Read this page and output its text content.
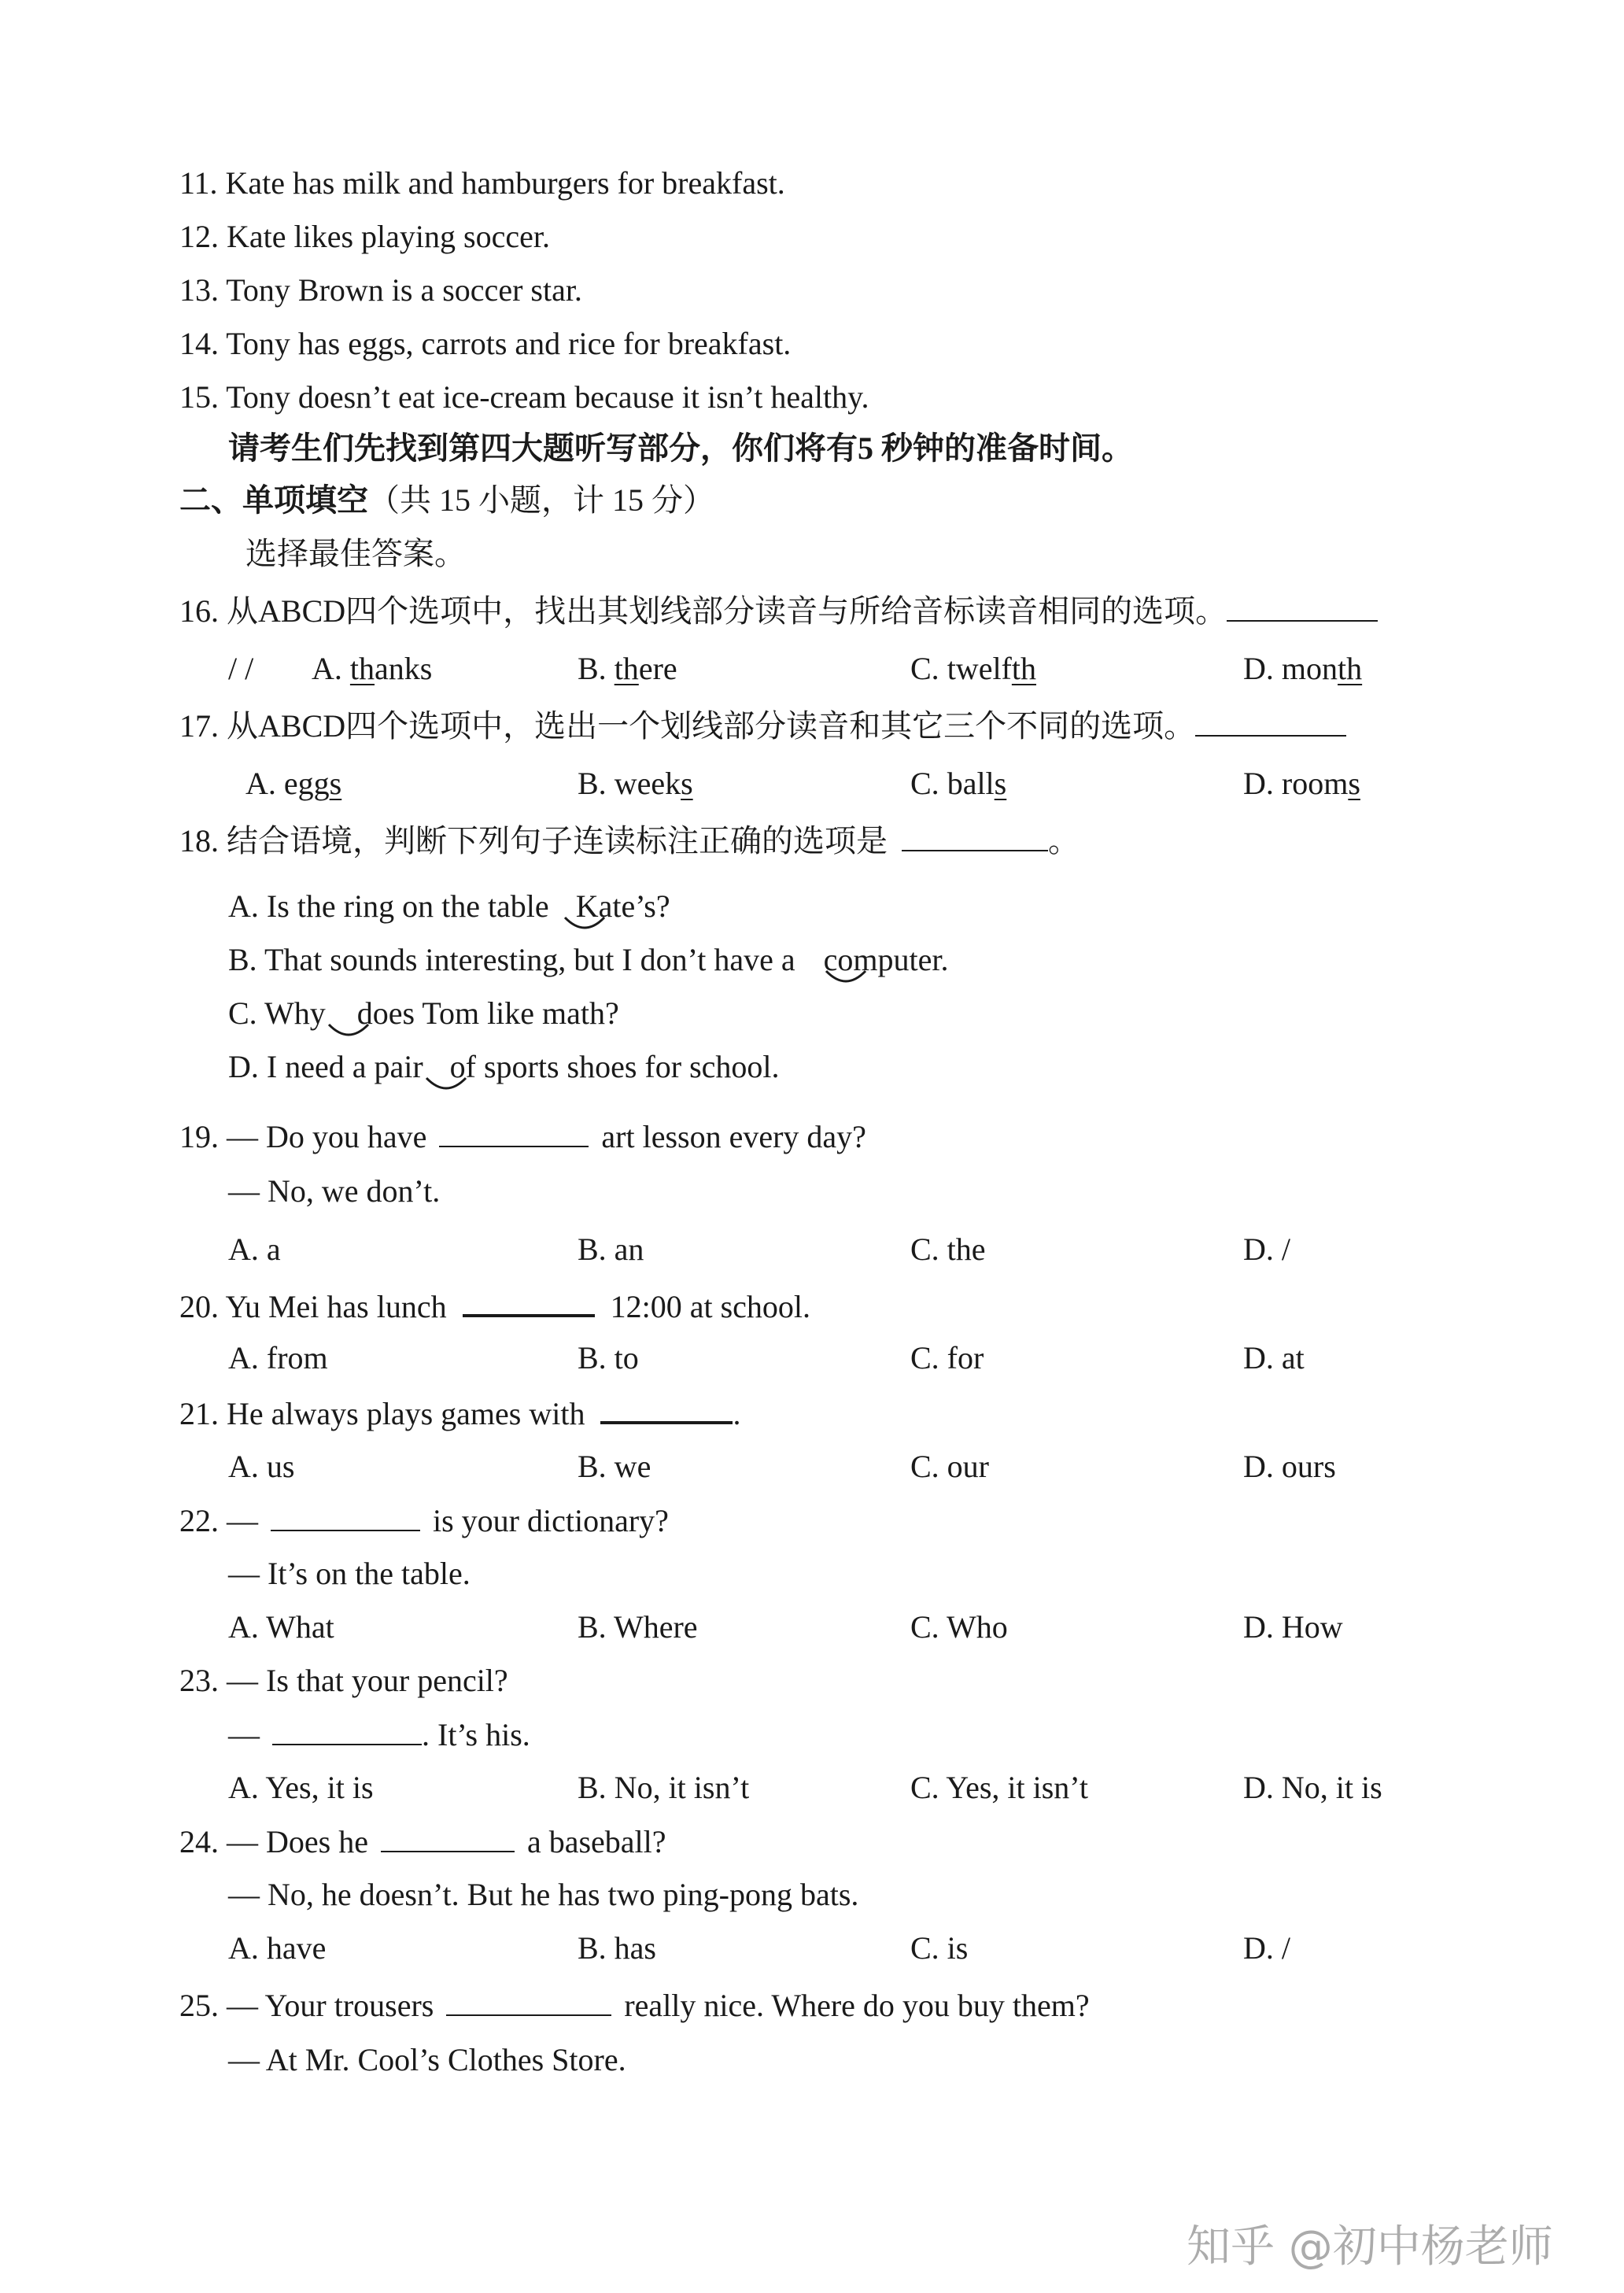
11. Kate has milk and hamburgers for breakfast.
12. Kate likes playing soccer.
13. Tony Brown is a soccer star.
14. Tony has eggs, carrots and rice for breakfast.
15. Tony doesn’t eat ice-cream because it isn’t healthy.
请考生们先找到第四大题听写部分，你们将有5 秒钟的准备时间。
二、单项填空（共 15 小题，计 15 分）
选择最佳答案。
16. 从ABCD四个选项中，找出其划线部分读音与所给音标读音相同的选项。
/ / A. thanks	B. there	C. twelfth	D. month
17. 从ABCD四个选项中，选出一个划线部分读音和其它三个不同的选项。
A. eggs	B. weeks	C. balls	D. rooms
18. 结合语境，判断下列句子连读标注正确的选项是	。
A. Is the ring on the table Kate’s?
B. That sounds interesting, but I don’t have a computer.
C. Why does Tom like math?
D. I need a pair of sports shoes for school.
19. — Do you have	art lesson every day?
— No, we don’t.
A. a	B. an	C. the	D. /
20. Yu Mei has lunch	12:00 at school.
A. from	B. to	C. for	D. at
21. He always plays games with	.
A. us	B. we	C. our	D. ours
22. —	is your dictionary?
— It’s on the table.
A. What	B. Where	C. Who	D. How
23. — Is that your pencil?
—	. It’s his.
A. Yes, it is	B. No, it isn’t	C. Yes, it isn’t	D. No, it is
24. — Does he	a baseball?
— No, he doesn’t. But he has two ping-pong bats.
A. have	B. has	C. is	D. /
25. — Your trousers	really nice. Where do you buy them?
— At Mr. Cool’s Clothes Store.
知乎 @初中杨老师
